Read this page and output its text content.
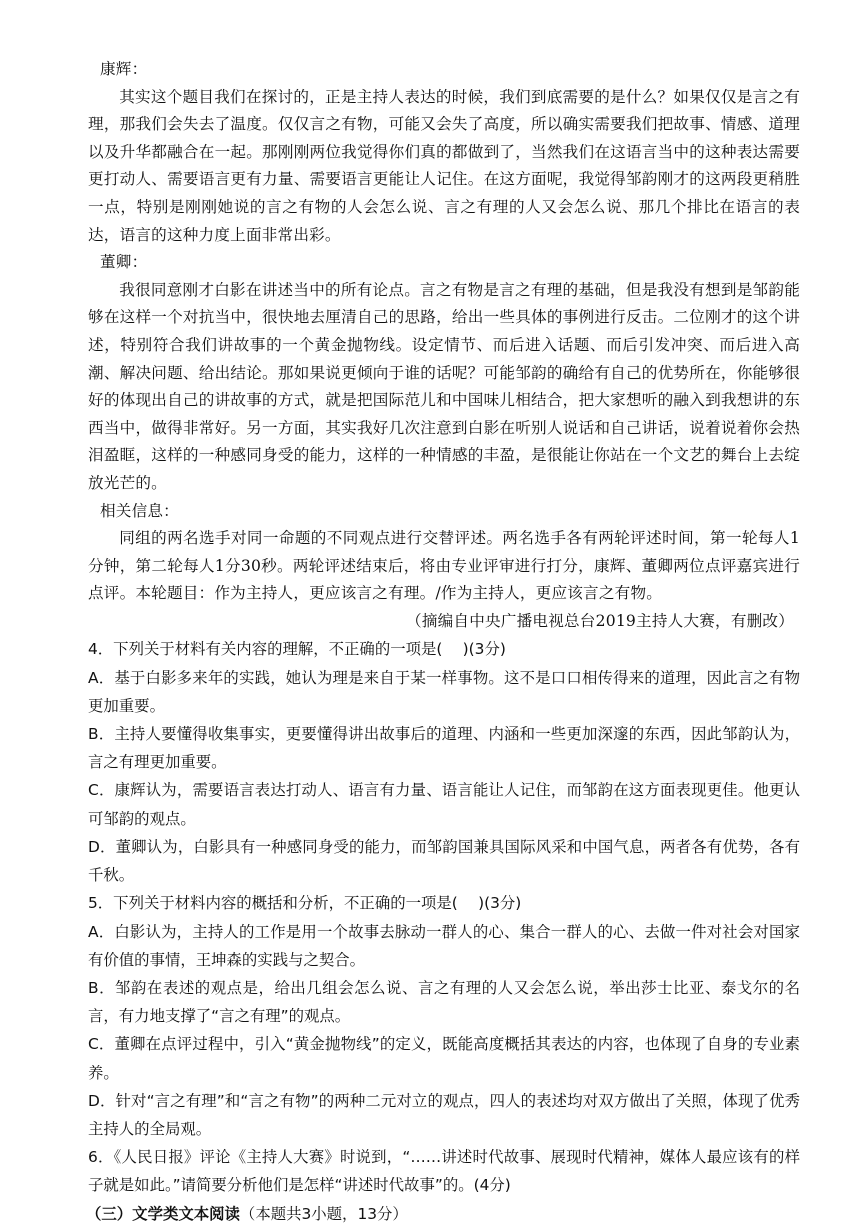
康辉：

其实这个题目我们在探讨的，正是主持人表达的时候，我们到底需要的是什么？如果仅仅是言之有理，那我们会失去了温度。仅仅言之有物，可能又会失了高度，所以确实需要我们把故事、情感、道理以及升华都融合在一起。那刚刚两位我觉得你们真的都做到了，当然我们在这语言当中的这种表达需要更打动人、需要语言更有力量、需要语言更能让人记住。在这方面呢，我觉得邹韵刚才的这两段更稍胜一点，特别是刚刚她说的言之有物的人会怎么说、言之有理的人又会怎么说、那几个排比在语言的表达，语言的这种力度上面非常出彩。

董卿：

我很同意刚才白影在讲述当中的所有论点。言之有物是言之有理的基础，但是我没有想到是邹韵能够在这样一个对抗当中，很快地去厘清自己的思路，给出一些具体的事例进行反击。二位刚才的这个讲述，特别符合我们讲故事的一个黄金抛物线。设定情节、而后进入话题、而后引发冲突、而后进入高潮、解决问题、给出结论。那如果说更倾向于谁的话呢？可能邹韵的确给有自己的优势所在，你能够很好的体现出自己的讲故事的方式，就是把国际范儿和中国味儿相结合，把大家想听的融入到我想讲的东西当中，做得非常好。另一方面，其实我好几次注意到白影在听别人说话和自己讲话，说着说着你会热泪盈眶，这样的一种感同身受的能力，这样的一种情感的丰盈，是很能让你站在一个文艺的舞台上去绽放光芒的。

相关信息：

同组的两名选手对同一命题的不同观点进行交替评述。两名选手各有两轮评述时间，第一轮每人1分钟，第二轮每人1分30秒。两轮评述结束后，将由专业评审进行打分，康辉、董卿两位点评嘉宾进行点评。本轮题目：作为主持人，更应该言之有理。/作为主持人，更应该言之有物。

（摘编自中央广播电视总台2019主持人大赛，有删改）

4．下列关于材料有关内容的理解，不正确的一项是(　 )(3分)

A．基于白影多来年的实践，她认为理是来自于某一样事物。这不是口口相传得来的道理，因此言之有物更加重要。

B．主持人要懂得收集事实，更要懂得讲出故事后的道理、内涵和一些更加深邃的东西，因此邹韵认为，言之有理更加重要。

C．康辉认为，需要语言表达打动人、语言有力量、语言能让人记住，而邹韵在这方面表现更佳。他更认可邹韵的观点。

D．董卿认为，白影具有一种感同身受的能力，而邹韵国兼具国际风采和中国气息，两者各有优势，各有千秋。

5．下列关于材料内容的概括和分析，不正确的一项是(　 )(3分)

A．白影认为，主持人的工作是用一个故事去脉动一群人的心、集合一群人的心、去做一件对社会对国家有价值的事情，王坤森的实践与之契合。

B．邹韵在表述的观点是，给出几组会怎么说、言之有理的人又会怎么说，举出莎士比亚、泰戈尔的名言，有力地支撑了“言之有理”的观点。

C．董卿在点评过程中，引入“黄金抛物线”的定义，既能高度概括其表达的内容，也体现了自身的专业素养。

D．针对“言之有理”和“言之有物”的两种二元对立的观点，四人的表述均对双方做出了关照，体现了优秀主持人的全局观。

6．《人民日报》评论《主持人大赛》时说到，“……讲述时代故事、展现时代精神，媒体人最应该有的样子就是如此。”请简要分析他们是怎样“讲述时代故事”的。(4分)

（三）文学类文本阅读（本题共3小题，13分）
